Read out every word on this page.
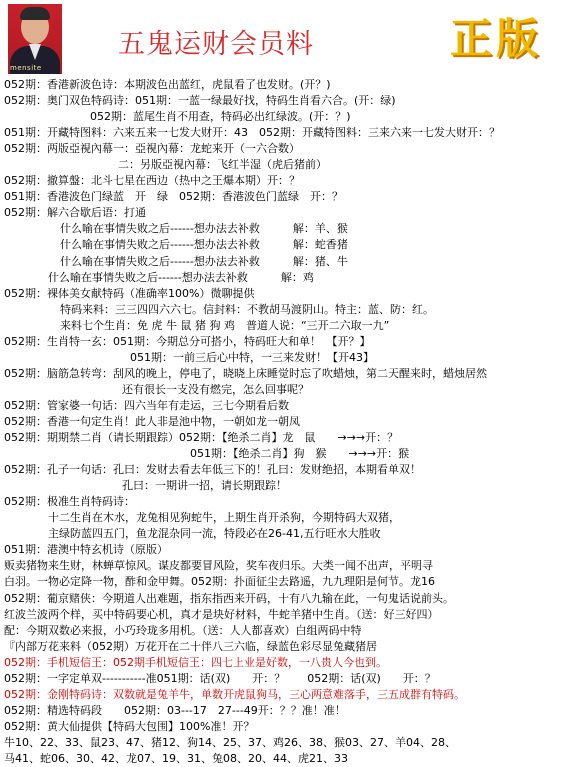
mensite
五鬼运财会员料	正版
052期：香港新波色诗：本期波色出蓝红，虎鼠看了也发财。(开？)
052期：奥门双色特码诗：051期：一蓝一绿最好找，特码生肖看六合。(开：绿)
052期：蓝尾生肖不用查，特码必出红绿波。(开：？)
051期：开藏特图料：六来五来一七发大财开：43　052期：开藏特图料：三来六来一七发大财开：？
052期：两版亞視內幕一：亞視內幕：龙蛇来开（一六合数）
二：另版亞視內幕：飞红半湿（虎后猪前）
052期：撤算盤：北斗七星在西边（热中之王爆本期）开：？
051期：香港波色门绿蓝　开　绿　052期：香港波色门蓝绿　开：？
052期：解六合歇后语：打通
什么喻在事情失败之后------想办法去补救　　　解：羊、猴
什么喻在事情失败之后------想办法去补救　　　解：蛇香猪
什么喻在事情失败之后------想办法去补救　　　解：猪、牛
什么喻在事情失败之后------想办法去补救　　　解：鸡
052期：裸体美女献特码（准确率100%）微聊提供
特码来料：三三四四六六七。信封料：不教胡马渡阴山。特主：蓝、防：红。
来料七个生肖：免 虎 牛 鼠 猪 狗 鸡　普道人说：“三开二六取一九”
052期：生肖特一玄：051期：今期总分可搭小，特码旺大和单！　【开？】
051期：一前三后心中特，一三来发财！【开43】
052期：脑筋急转弯：刮风的晚上，停电了，晓晓上床睡觉时忘了吹蜡烛，第二天醒来时，蜡烛居然
还有很长一支没有燃完，怎么回事呢？
052期：管家婆一句话：四六当年有走运，三七今期看后数
052期：香港一句定生肖！此人非是池中物，一朝如龙一朝凤
052期：期期禁二肖（请长期跟踪）052期：【绝杀二肖】龙　鼠　　→→→开：？
051期：【绝杀二肖】狗　猴　　→→→开：猴
052期：孔子一句话：孔曰：发财去看去年低三下的！孔曰：发财绝招，本期看单双！
孔曰：一期讲一招，请长期跟踪！
052期：极准生肖特码诗：
十二生肖在木水，龙兔相见狗蛇牛，上期生肖开杀狗，今期特码大双猪，
主绿防蓝四五门，鱼龙混杂同一流，特段必在26-41,五行旺水大胜收
051期：港澳中特玄机诗（原版）
贩卖猪物来生财，林蝉草惊风。谋皮都要冒风险，奖车夜归乐。大类一闻不出声，平明寻
白羽。一物必定降一物，酢和金甲舞。052期：扑面征尘去路遥，九九理阳是何节。龙16
052期：葡京赌侠：今期道人出难题，指东指西来开码，十有八九输在此，一句鬼话说前头。
红波兰波两个样，买中特码要心机，真才是块好材料，牛蛇羊猪中生肖。（送：好三好四）
配：今期双数必来报，小巧玲珑多用机。（送：人人都喜欢）白组两码中特
『内部万花来料（052期）万花开在二十伴八三六临，绿蓝色彩尽显兔藏猪居
052期：手机短信王：052期手机短信王：四七上业是好数，一八贵人今也到。
052期：一字定单双-----------准051期：话(双)　　开：？　　052期：话(双)　　开：？
052期：金刚特码诗：双数就是兔羊牛，单数开虎鼠狗马，三心两意难落手，三五成群有特码。
052期：精选特码段　　052期：03---17　27---49开：？？准！准！
052期：黄大仙提供【特码大包围】100%准！开？
牛10、22、33、鼠23、47、猪12、狗14、25、37、鸡26、38、猴03、27、羊04、28、
马41、蛇06、30、42、龙07、19、31、兔08、20、44、虎21、33
